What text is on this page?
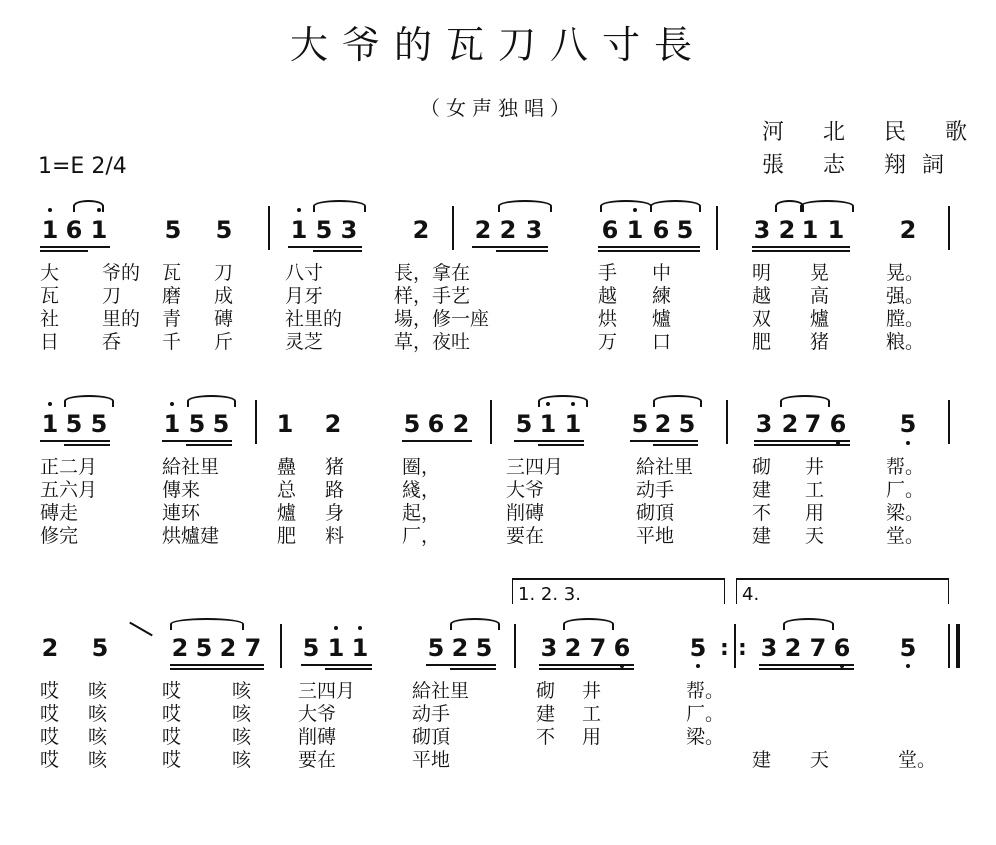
大爷的瓦刀八寸長
（女声独唱）
河 北 民 歌
張 志 翔詞
1=E 2/4
1 6 1 5 5 1 5 3 2 2 2 3 6 1 6 5	3 2 1 1 2
大 爷的 瓦 刀	八寸	長，拿在	手 中	明 晃	晃。
瓦 刀 磨 成	月牙	样，手艺	越 練	越 高	强。
社 里的 青 磚	社里的	場，修一座	烘 爐	双 爐	膛。
日 呑 千 斤	灵芝	草，夜吐	万 口	肥 猪	粮。
1 5 5 1 5 5 1 2	5 6 2 5 1 1 5 2 5	3 2 7 6 5
正二月	給社里	蠱 猪	圈，	三四月	給社里	砌 井	帮。
五六月	傳来	总 路	綫，	大爷	动手	建 工	厂。
磚走	連环	爐 身	起，	削磚	砌頂	不 用	梁。
修完	烘爐建	肥 料	厂，	要在	平地	建 天	堂。
1. 2. 3.	4.
2 5	2 5 2 7 5 1 1 5 2 5 3 2 7 6 5 3 2 7 6 5
: :
哎 咳	哎	咳 三四月	給社里	砌 井	帮。
哎 咳	哎	咳 大爷	动手	建 工	厂。
哎 咳	哎	咳 削磚	砌頂	不 用	梁。
哎 咳	哎	咳 要在	平地	建 天	堂。
